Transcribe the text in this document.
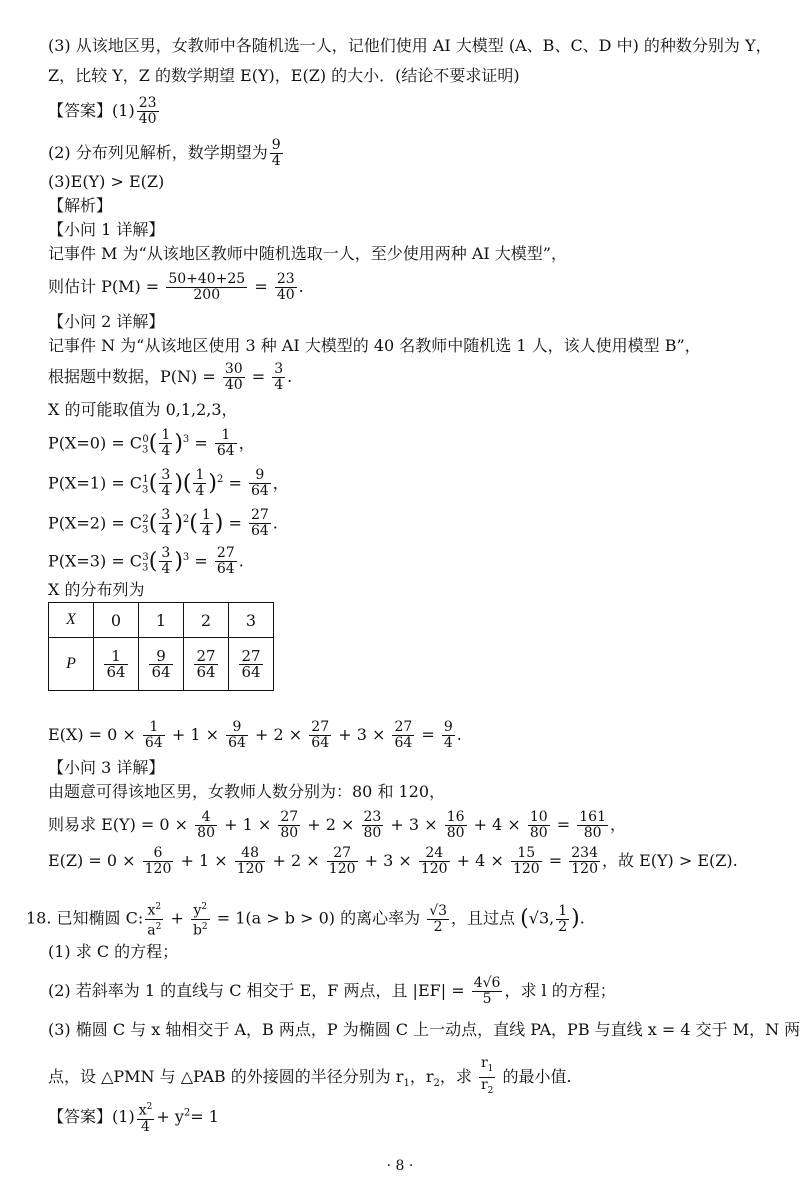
(3) 从该地区男，女教师中各随机选一人，记他们使用 AI 大模型 (A、B、C、D 中) 的种数分别为 Y，
Z，比较 Y，Z 的数学期望 E(Y)，E(Z) 的大小．(结论不要求证明)
【答案】$(1) \frac{23}{40}$
(2) 分布列见解析，数学期望为 $\frac{9}{4}$
(3)E(Y) > E(Z)
【解析】
【小问 1 详解】
记事件 M 为“从该地区教师中随机选取一人，至少使用两种 AI 大模型”，
则估计 $P(M) = \frac{50+40+25}{200} = \frac{23}{40}$ .
【小问 2 详解】
记事件 N 为“从该地区使用 3 种 AI 大模型的 40 名教师中随机选 1 人，该人使用模型 B”，
根据题中数据，$P(N) = \frac{30}{40} = \frac{3}{4}$ .
X 的可能取值为 0,1,2,3，
$P(X=0) = C_3^0( \frac{1}{4} )^3 = \frac{1}{64}$ ，
$P(X=1) = C_3^1( \frac{3}{4}$ )( $\frac{1}{4} )^2 = \frac{9}{64}$ ，
$P(X=2) = C_3^2( \frac{3}{4} )^2( \frac{1}{4}$ ) = $\frac{27}{64}$ .
$P(X=3) = C_3^3( \frac{3}{4} )^3 = \frac{27}{64}$ .
X 的分布列为
X	0	1	2	3
P	$\frac{1}{64}$	$\frac{9}{64}$	$\frac{27}{64}$	$\frac{27}{64}$
$E(X) = 0 \times \frac{1}{64} + 1 \times \frac{9}{64} + 2 \times \frac{27}{64} + 3 \times \frac{27}{64} = \frac{9}{4}$ .
【小问 3 详解】
由题意可得该地区男，女教师人数分别为：80 和 120，
则易求 $E(Y) = 0 \times \frac{4}{80} + 1 \times \frac{27}{80} + 2 \times \frac{23}{80} + 3 \times \frac{16}{80} + 4 \times \frac{10}{80} = \frac{161}{80}$ ，
$E(Z) = 0 \times \frac{6}{120} + 1 \times \frac{48}{120} + 2 \times \frac{27}{120} + 3 \times \frac{24}{120} + 4 \times \frac{15}{120} = \frac{234}{120}$ ，故 E(Y) > E(Z).
18. 已知椭圆 C: $\frac{x^2}{a^2} + \frac{y^2}{b^2} = 1(a > b > 0)$ 的离心率为 $\frac{√3}{2}$ ，且过点 (√3, $\frac{1}{2}$ ).
(1) 求 C 的方程；
(2) 若斜率为 1 的直线与 C 相交于 E，F 两点，且 $|EF| = \frac{4√6}{5}$ ，求 l 的方程；
(3) 椭圆 C 与 x 轴相交于 A，B 两点，P 为椭圆 C 上一动点，直线 PA，PB 与直线 x = 4 交于 M，N 两
点，设 △PMN 与 △PAB 的外接圆的半径分别为 $r_1$，$r_2$，求 $\frac{r_1}{r_2}$ 的最小值.
【答案】$(1) \frac{x^2}{4} + y^2= 1$
· 8 ·
